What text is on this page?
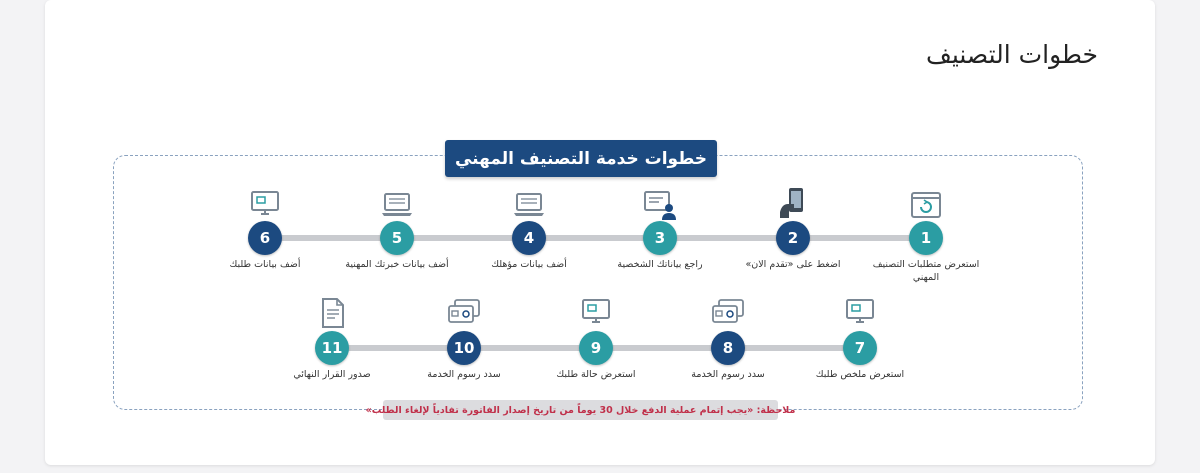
خطوات التصنيف
خطوات خدمة التصنيف المهني
1
استعرض متطلبات التصنيف المهني
2
اضغط على «تقدم الان»
3
راجع بياناتك الشخصية
4
أضف بيانات مؤهلك
5
أضف بيانات خبرتك المهنية
6
أضف بيانات طلبك
7
استعرض ملخص طلبك
8
سدد رسوم الخدمة
9
استعرض حالة طلبك
10
سدد رسوم الخدمة
11
صدور القرار النهائي
ملاحظة: «يجب إتمام عملية الدفع خلال 30 يوماً من تاريخ إصدار الفاتورة تفادياً لإلغاء الطلب»
